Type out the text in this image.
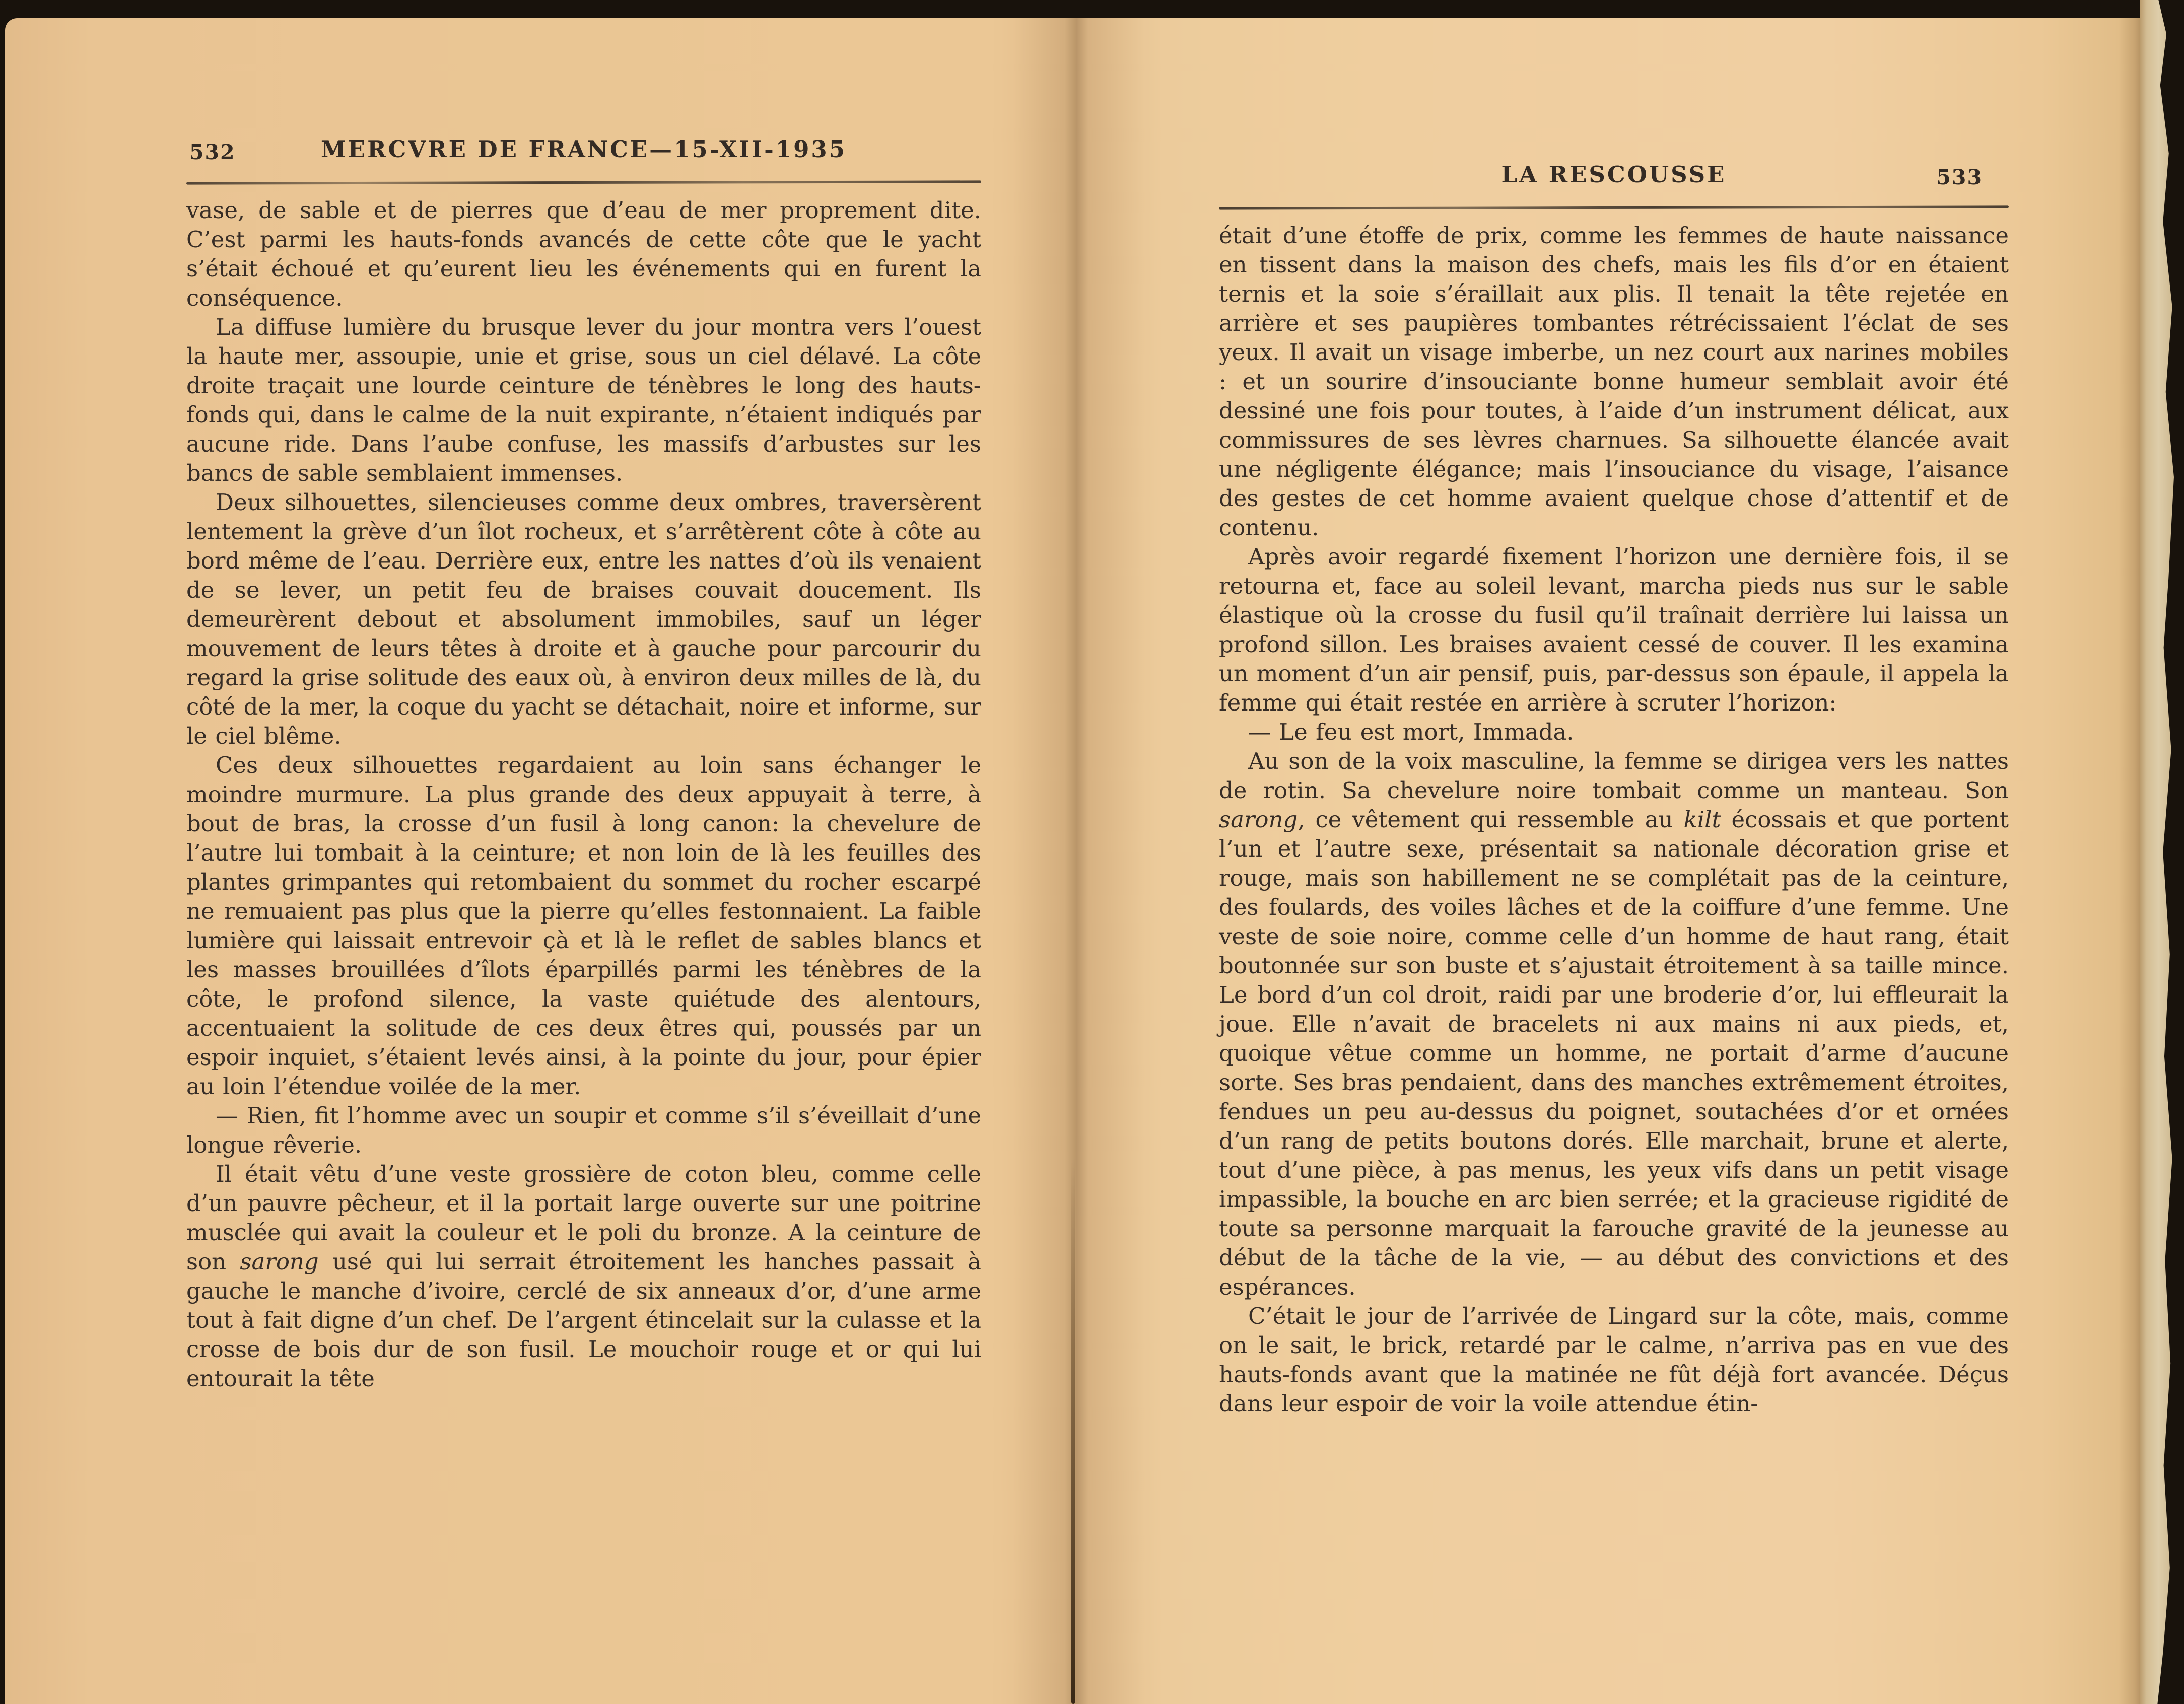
532	MERCVRE DE FRANCE—15-XII-1935

vase, de sable et de pierres que d’eau de mer proprement dite. C’est parmi les hauts-fonds avancés de cette côte que le yacht s’était échoué et qu’eurent lieu les événements qui en furent la conséquence.

La diffuse lumière du brusque lever du jour montra vers l’ouest la haute mer, assoupie, unie et grise, sous un ciel délavé. La côte droite traçait une lourde ceinture de ténèbres le long des hauts-fonds qui, dans le calme de la nuit expirante, n’étaient indiqués par aucune ride. Dans l’aube confuse, les massifs d’arbustes sur les bancs de sable semblaient immenses.

Deux silhouettes, silencieuses comme deux ombres, traversèrent lentement la grève d’un îlot rocheux, et s’arrêtèrent côte à côte au bord même de l’eau. Derrière eux, entre les nattes d’où ils venaient de se lever, un petit feu de braises couvait doucement. Ils demeurèrent debout et absolument immobiles, sauf un léger mouvement de leurs têtes à droite et à gauche pour parcourir du regard la grise solitude des eaux où, à environ deux milles de là, du côté de la mer, la coque du yacht se détachait, noire et informe, sur le ciel blême.

Ces deux silhouettes regardaient au loin sans échanger le moindre murmure. La plus grande des deux appuyait à terre, à bout de bras, la crosse d’un fusil à long canon: la chevelure de l’autre lui tombait à la ceinture; et non loin de là les feuilles des plantes grimpantes qui retombaient du sommet du rocher escarpé ne remuaient pas plus que la pierre qu’elles festonnaient. La faible lumière qui laissait entrevoir çà et là le reflet de sables blancs et les masses brouillées d’îlots éparpillés parmi les ténèbres de la côte, le profond silence, la vaste quiétude des alentours, accentuaient la solitude de ces deux êtres qui, poussés par un espoir inquiet, s’étaient levés ainsi, à la pointe du jour, pour épier au loin l’étendue voilée de la mer.

— Rien, fit l’homme avec un soupir et comme s’il s’éveillait d’une longue rêverie.

Il était vêtu d’une veste grossière de coton bleu, comme celle d’un pauvre pêcheur, et il la portait large ouverte sur une poitrine musclée qui avait la couleur et le poli du bronze. A la ceinture de son sarong usé qui lui serrait étroitement les hanches passait à gauche le manche d’ivoire, cerclé de six anneaux d’or, d’une arme tout à fait digne d’un chef. De l’argent étincelait sur la culasse et la crosse de bois dur de son fusil. Le mouchoir rouge et or qui lui entourait la tête

LA RESCOUSSE	533

était d’une étoffe de prix, comme les femmes de haute naissance en tissent dans la maison des chefs, mais les fils d’or en étaient ternis et la soie s’éraillait aux plis. Il tenait la tête rejetée en arrière et ses paupières tombantes rétrécissaient l’éclat de ses yeux. Il avait un visage imberbe, un nez court aux narines mobiles : et un sourire d’insouciante bonne humeur semblait avoir été dessiné une fois pour toutes, à l’aide d’un instrument délicat, aux commissures de ses lèvres charnues. Sa silhouette élancée avait une négligente élégance; mais l’insouciance du visage, l’aisance des gestes de cet homme avaient quelque chose d’attentif et de contenu.

Après avoir regardé fixement l’horizon une dernière fois, il se retourna et, face au soleil levant, marcha pieds nus sur le sable élastique où la crosse du fusil qu’il traînait derrière lui laissa un profond sillon. Les braises avaient cessé de couver. Il les examina un moment d’un air pensif, puis, par-dessus son épaule, il appela la femme qui était restée en arrière à scruter l’horizon:

— Le feu est mort, Immada.

Au son de la voix masculine, la femme se dirigea vers les nattes de rotin. Sa chevelure noire tombait comme un manteau. Son sarong, ce vêtement qui ressemble au kilt écossais et que portent l’un et l’autre sexe, présentait sa nationale décoration grise et rouge, mais son habillement ne se complétait pas de la ceinture, des foulards, des voiles lâches et de la coiffure d’une femme. Une veste de soie noire, comme celle d’un homme de haut rang, était boutonnée sur son buste et s’ajustait étroitement à sa taille mince. Le bord d’un col droit, raidi par une broderie d’or, lui effleurait la joue. Elle n’avait de bracelets ni aux mains ni aux pieds, et, quoique vêtue comme un homme, ne portait d’arme d’aucune sorte. Ses bras pendaient, dans des manches extrêmement étroites, fendues un peu au-dessus du poignet, soutachées d’or et ornées d’un rang de petits boutons dorés. Elle marchait, brune et alerte, tout d’une pièce, à pas menus, les yeux vifs dans un petit visage impassible, la bouche en arc bien serrée; et la gracieuse rigidité de toute sa personne marquait la farouche gravité de la jeunesse au début de la tâche de la vie, — au début des convictions et des espérances.

C’était le jour de l’arrivée de Lingard sur la côte, mais, comme on le sait, le brick, retardé par le calme, n’arriva pas en vue des hauts-fonds avant que la matinée ne fût déjà fort avancée. Déçus dans leur espoir de voir la voile attendue étin-
